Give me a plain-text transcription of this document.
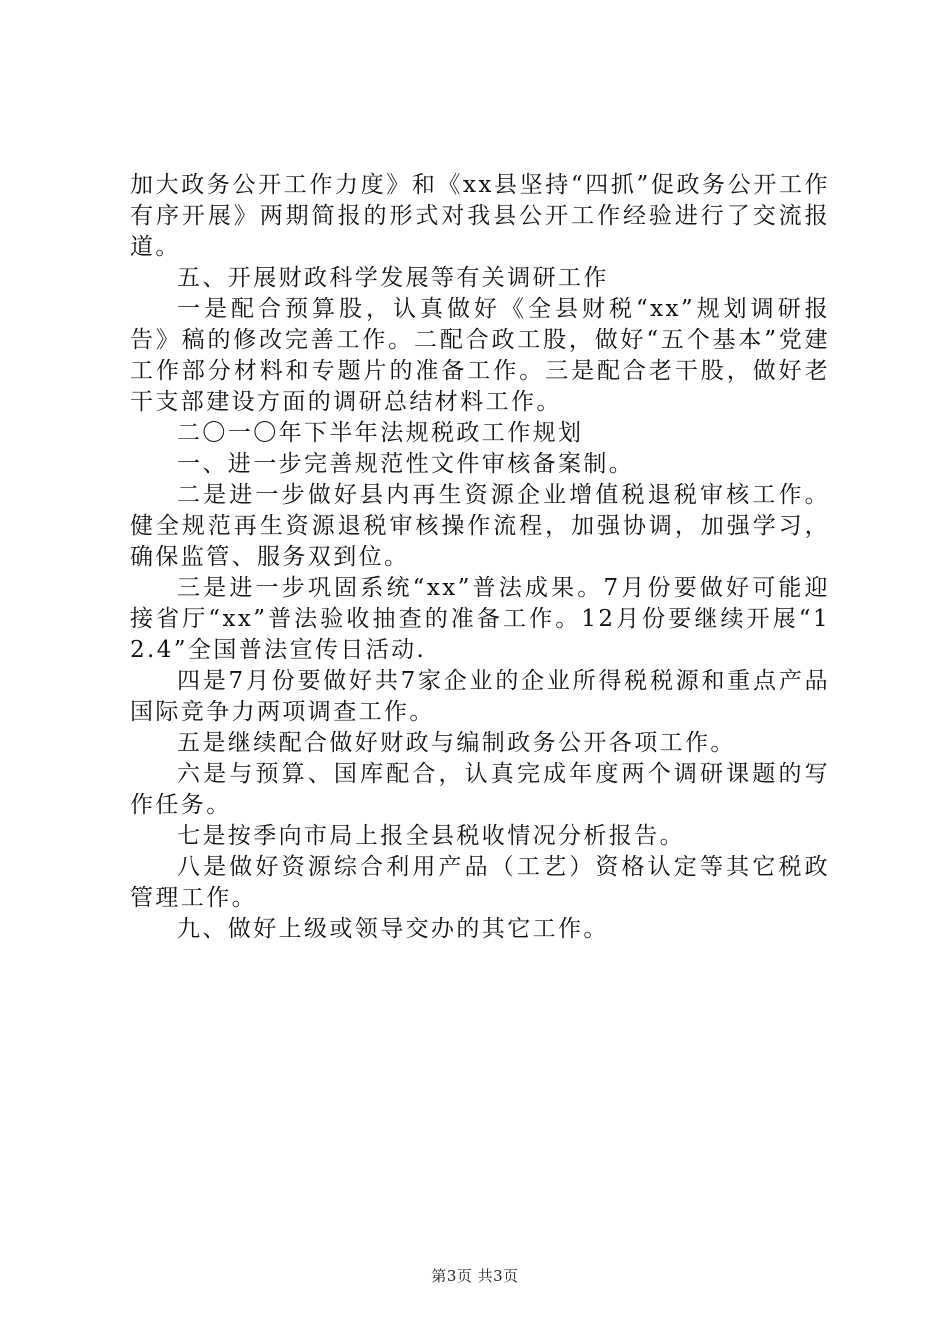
加大政务公开工作力度》和《xx县坚持“四抓”促政务公开工作有序开展》两期简报的形式对我县公开工作经验进行了交流报道。

五、开展财政科学发展等有关调研工作

一是配合预算股，认真做好《全县财税“xx”规划调研报告》稿的修改完善工作。二配合政工股，做好“五个基本”党建工作部分材料和专题片的准备工作。三是配合老干股，做好老干支部建设方面的调研总结材料工作。

二〇一〇年下半年法规税政工作规划

一、进一步完善规范性文件审核备案制。

二是进一步做好县内再生资源企业增值税退税审核工作。健全规范再生资源退税审核操作流程，加强协调，加强学习，确保监管、服务双到位。

三是进一步巩固系统“xx”普法成果。7月份要做好可能迎接省厅“xx”普法验收抽查的准备工作。12月份要继续开展“12.4”全国普法宣传日活动.

四是7月份要做好共7家企业的企业所得税税源和重点产品国际竞争力两项调查工作。

五是继续配合做好财政与编制政务公开各项工作。

六是与预算、国库配合，认真完成年度两个调研课题的写作任务。

七是按季向市局上报全县税收情况分析报告。

八是做好资源综合利用产品（工艺）资格认定等其它税政管理工作。

九、做好上级或领导交办的其它工作。

第3页 共3页
